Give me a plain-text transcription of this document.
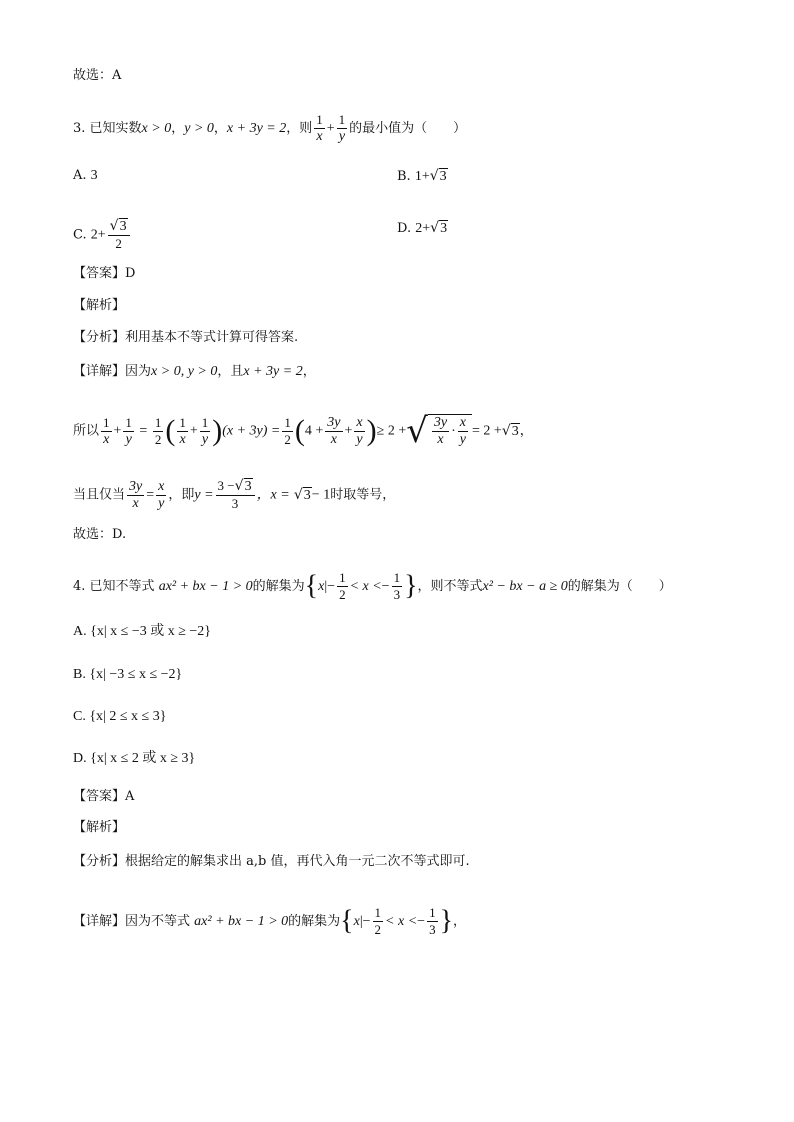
故选：A
3. 已知实数x > 0，y > 0，x + 3y = 2，则 $\frac{1}{x} + \frac{1}{y}$ 的最小值为（　　）
A. 3	B. 1+√3
C. $2+ \frac{√3}{2}$	D. 2+√3
【答案】D
【解析】
【分析】利用基本不等式计算可得答案.
【详解】因为x > 0, y > 0，且x + 3y = 2，
所以 $\frac{1}{x} + \frac{1}{y} = \frac{1}{2}$ ( $\frac{1}{x} + \frac{1}{y} )(x + 3y) = \frac{1}{2} (4 + \frac{3y}{x} + \frac{x}{y}$ )≥ 2 + √ $\frac{3y}{x} \cdot \frac{x}{y} = 2 +√3$，
当且仅当 $\frac{3y}{x} = \frac{x}{y}$ ，即$y = \frac{3 -√3}{3}$ ，x = √3− 1时取等号，
故选：D.
4. 已知不等式 ax² + bx − 1 > 0的解集为{$x|- \frac{1}{2} < x <- \frac{1}{3}$ }，则不等式x² − bx − a ≥ 0的解集为（　　）
A. {x| x ≤ −3 或 x ≥ −2}
B. {x| −3 ≤ x ≤ −2}
C. {x| 2 ≤ x ≤ 3}
D. {x| x ≤ 2 或 x ≥ 3}
【答案】A
【解析】
【分析】根据给定的解集求出 a,b 值，再代入角一元二次不等式即可.
【详解】因为不等式 ax² + bx − 1 > 0的解集为{$x|- \frac{1}{2} < x <- \frac{1}{3}$ }，
